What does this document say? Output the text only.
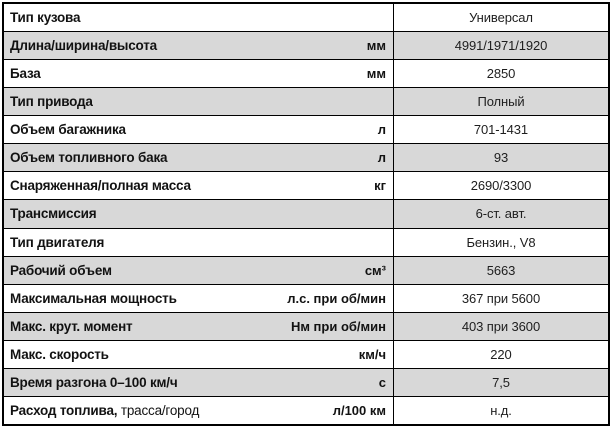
Тип кузова	Универсал
Длина/ширина/высота	мм	4991/1971/1920
База	мм	2850
Тип привода	Полный
Объем багажника	л	701-1431
Объем топливного бака	л	93
Снаряженная/полная масса	кг	2690/3300
Трансмиссия	6-ст. авт.
Тип двигателя	Бензин., V8
Рабочий объем	см³	5663
Максимальная мощность	л.с. при об/мин	367 при 5600
Макс. крут. момент	Нм при об/мин	403 при 3600
Макс. скорость	км/ч	220
Время разгона 0–100 км/ч	с	7,5
Расход топлива, трасса/город	л/100 км	н.д.
